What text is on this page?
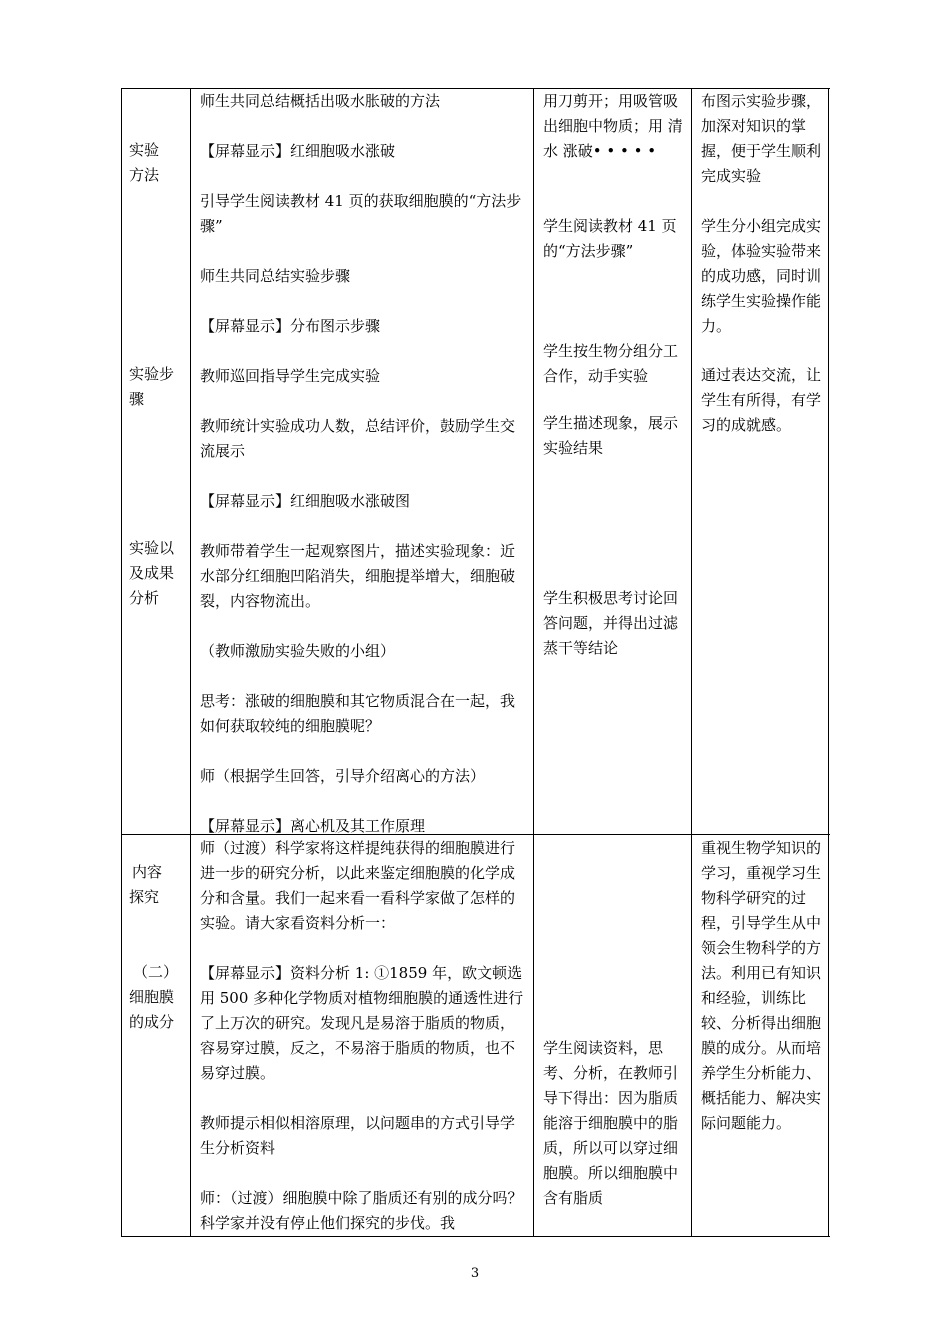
实验

方法

实验步

骤

实验以

及成果

分析

师生共同总结概括出吸水胀破的方法

【屏幕显示】红细胞吸水涨破

引导学生阅读教材 41 页的获取细胞膜的“方法步骤”

师生共同总结实验步骤

【屏幕显示】分布图示步骤

教师巡回指导学生完成实验

教师统计实验成功人数，总结评价，鼓励学生交流展示

【屏幕显示】红细胞吸水涨破图

教师带着学生一起观察图片，描述实验现象：近水部分红细胞凹陷消失，细胞提举增大，细胞破裂，内容物流出。

（教师激励实验失败的小组）

思考：涨破的细胞膜和其它物质混合在一起，我如何获取较纯的细胞膜呢？

师（根据学生回答，引导介绍离心的方法）

【屏幕显示】离心机及其工作原理

用刀剪开；用吸管吸出细胞中物质；用 清 水 涨破• • • • •

学生阅读教材 41 页的“方法步骤”

学生按生物分组分工合作，动手实验

学生描述现象，展示实验结果

学生积极思考讨论回答问题，并得出过滤蒸干等结论

布图示实验步骤，加深对知识的掌握，便于学生顺利完成实验

学生分小组完成实验，体验实验带来的成功感，同时训练学生实验操作能力。

通过表达交流，让学生有所得，有学习的成就感。

内容

探究

（二）

细胞膜

的成分

师（过渡）科学家将这样提纯获得的细胞膜进行进一步的研究分析，以此来鉴定细胞膜的化学成分和含量。我们一起来看一看科学家做了怎样的实验。请大家看资料分析一：

【屏幕显示】资料分析 1: ①1859 年，欧文顿选用 500 多种化学物质对植物细胞膜的通透性进行了上万次的研究。发现凡是易溶于脂质的物质，容易穿过膜，反之，不易溶于脂质的物质，也不易穿过膜。

教师提示相似相溶原理，以问题串的方式引导学生分析资料

师：（过渡）细胞膜中除了脂质还有别的成分吗？科学家并没有停止他们探究的步伐。我

学生阅读资料，思考、分析，在教师引导下得出：因为脂质能溶于细胞膜中的脂质，所以可以穿过细胞膜。所以细胞膜中含有脂质

重视生物学知识的学习，重视学习生物科学研究的过程，引导学生从中领会生物科学的方法。利用已有知识和经验，训练比较、分析得出细胞膜的成分。从而培养学生分析能力、概括能力、解决实际问题能力。

3
